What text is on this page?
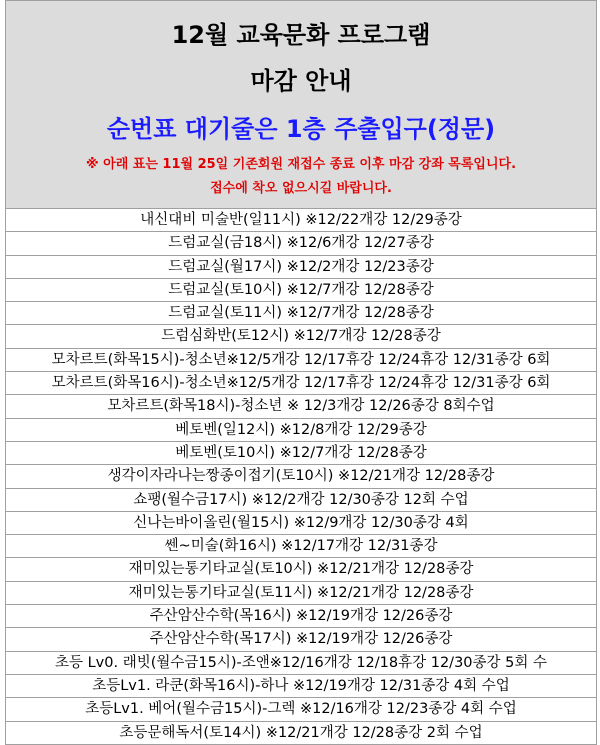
12월 교육문화 프로그램
마감 안내
순번표 대기줄은 1층 주출입구(정문)
※ 아래 표는 11월 25일 기존회원 재접수 종료 이후 마감 강좌 목록입니다.
접수에 착오 없으시길 바랍니다.
내신대비 미술반(일11시) ※12/22개강 12/29종강
드럼교실(금18시) ※12/6개강 12/27종강
드럼교실(월17시) ※12/2개강 12/23종강
드럼교실(토10시) ※12/7개강 12/28종강
드럼교실(토11시) ※12/7개강 12/28종강
드럼심화반(토12시) ※12/7개강 12/28종강
모차르트(화목15시)-청소년※12/5개강 12/17휴강 12/24휴강 12/31종강 6회
모차르트(화목16시)-청소년※12/5개강 12/17휴강 12/24휴강 12/31종강 6회
모차르트(화목18시)-청소년 ※ 12/3개강 12/26종강 8회수업
베토벤(일12시) ※12/8개강 12/29종강
베토벤(토10시) ※12/7개강 12/28종강
생각이자라나는짱종이접기(토10시) ※12/21개강 12/28종강
쇼팽(월수금17시) ※12/2개강 12/30종강 12회 수업
신나는바이올린(월15시) ※12/9개강 12/30종강 4회
쎈~미술(화16시) ※12/17개강 12/31종강
재미있는통기타교실(토10시) ※12/21개강 12/28종강
재미있는통기타교실(토11시) ※12/21개강 12/28종강
주산암산수학(목16시) ※12/19개강 12/26종강
주산암산수학(목17시) ※12/19개강 12/26종강
초등 Lv0. 래빗(월수금15시)-조앤※12/16개강 12/18휴강 12/30종강 5회 수
초등Lv1. 라쿤(화목16시)-하나 ※12/19개강 12/31종강 4회 수업
초등Lv1. 베어(월수금15시)-그렉 ※12/16개강 12/23종강 4회 수업
초등문해독서(토14시) ※12/21개강 12/28종강 2회 수업
